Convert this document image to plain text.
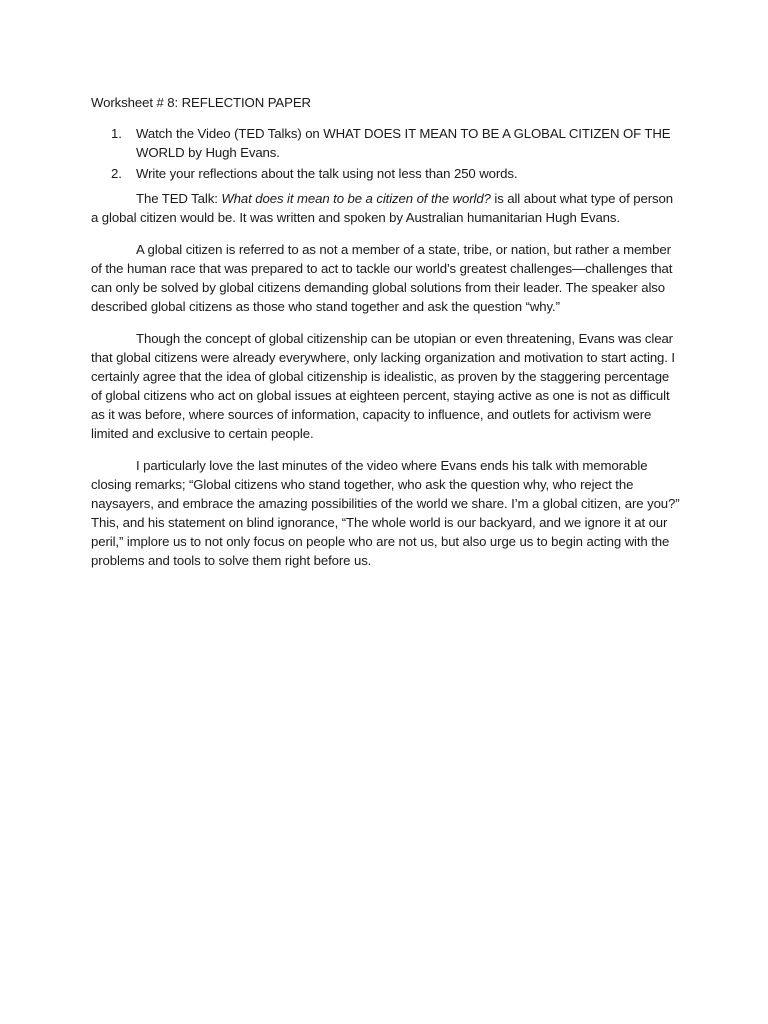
Worksheet # 8: REFLECTION PAPER
1. Watch the Video (TED Talks) on WHAT DOES IT MEAN TO BE A GLOBAL CITIZEN OF THE WORLD by Hugh Evans.
2. Write your reflections about the talk using not less than 250 words.

The TED Talk: What does it mean to be a citizen of the world? is all about what type of person a global citizen would be. It was written and spoken by Australian humanitarian Hugh Evans.

A global citizen is referred to as not a member of a state, tribe, or nation, but rather a member of the human race that was prepared to act to tackle our world’s greatest challenges—challenges that can only be solved by global citizens demanding global solutions from their leader. The speaker also described global citizens as those who stand together and ask the question “why.”

Though the concept of global citizenship can be utopian or even threatening, Evans was clear that global citizens were already everywhere, only lacking organization and motivation to start acting. I certainly agree that the idea of global citizenship is idealistic, as proven by the staggering percentage of global citizens who act on global issues at eighteen percent, staying active as one is not as difficult as it was before, where sources of information, capacity to influence, and outlets for activism were limited and exclusive to certain people.

I particularly love the last minutes of the video where Evans ends his talk with memorable closing remarks; “Global citizens who stand together, who ask the question why, who reject the naysayers, and embrace the amazing possibilities of the world we share. I’m a global citizen, are you?” This, and his statement on blind ignorance, “The whole world is our backyard, and we ignore it at our peril,” implore us to not only focus on people who are not us, but also urge us to begin acting with the problems and tools to solve them right before us.
